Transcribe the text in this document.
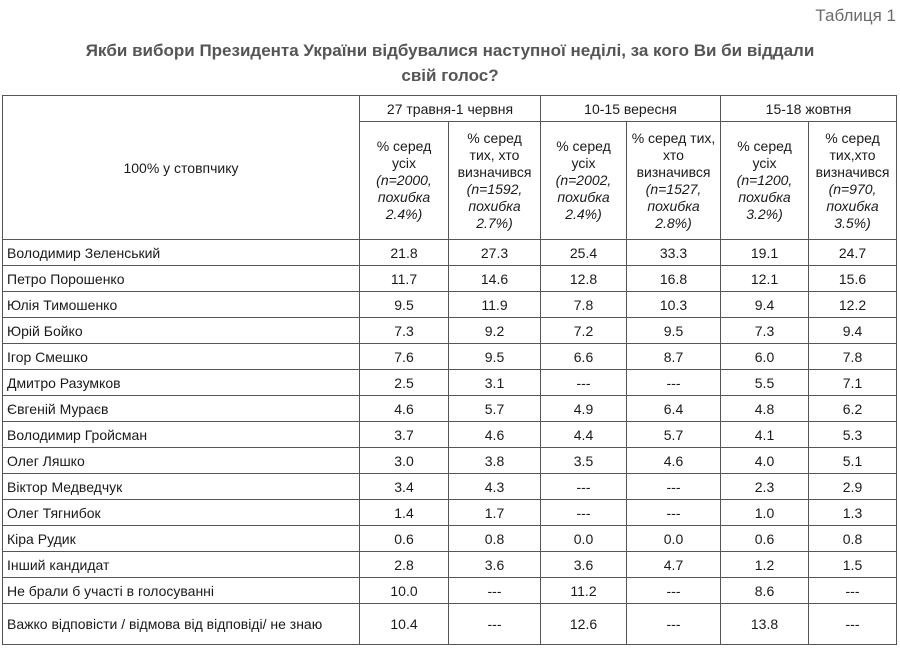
Таблиця 1
Якби вибори Президента України відбувалися наступної неділі, за кого Ви би віддали
свій голос?
100% у стовпчику	27 травня-1 червня		10-15 вересня		15-18 жовтня	
	% серед усіх
(n=2000, похибка 2.4%)	% серед тих, хто визначився
(n=1592, похибка 2.7%)	% серед усіх
(n=2002, похибка 2.4%)	% серед тих, хто визначився
(n=1527, похибка 2.8%)	% серед усіх
(n=1200, похибка 3.2%)	% серед тих,хто визначився
(n=970, похибка 3.5%)

Володимир Зеленський	21.8	27.3	25.4	33.3	19.1	24.7
Петро Порошенко	11.7	14.6	12.8	16.8	12.1	15.6
Юлія Тимошенко	9.5	11.9	7.8	10.3	9.4	12.2
Юрій Бойко	7.3	9.2	7.2	9.5	7.3	9.4
Ігор Смешко	7.6	9.5	6.6	8.7	6.0	7.8
Дмитро Разумков	2.5	3.1	---	---	5.5	7.1
Євгеній Мураєв	4.6	5.7	4.9	6.4	4.8	6.2
Володимир Гройсман	3.7	4.6	4.4	5.7	4.1	5.3
Олег Ляшко	3.0	3.8	3.5	4.6	4.0	5.1
Віктор Медведчук	3.4	4.3	---	---	2.3	2.9
Олег Тягнибок	1.4	1.7	---	---	1.0	1.3
Кіра Рудик	0.6	0.8	0.0	0.0	0.6	0.8
Інший кандидат	2.8	3.6	3.6	4.7	1.2	1.5
Не брали б участі в голосуванні	10.0	---	11.2	---	8.6	---
Важко відповісти / відмова від відповіді/ не знаю	10.4	---	12.6	---	13.8	---
